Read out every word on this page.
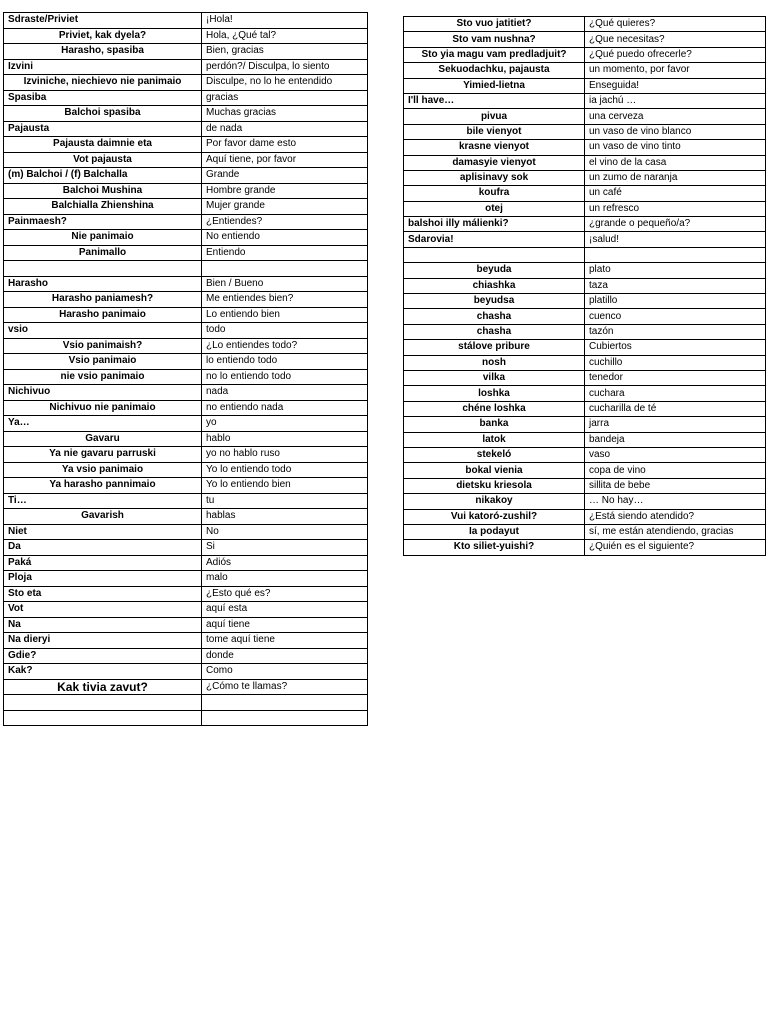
Sdraste/Priviet	¡Hola!
Priviet, kak dyela?	Hola, ¿Qué tal?
Harasho, spasiba	Bien, gracias
Izvini	perdón?/ Disculpa, lo siento
Izviniche, niechievo nie panimaio	Disculpe, no lo he entendido
Spasiba	gracias
Balchoi spasiba	Muchas gracias
Pajausta	de nada
Pajausta daimnie eta	Por favor dame esto
Vot pajausta	Aquí tiene, por favor
(m) Balchoi / (f) Balchalla	Grande
Balchoi Mushina	Hombre grande
Balchialla Zhienshina	Mujer grande
Painmaesh?	¿Entiendes?
Nie panimaio	No entiendo
Panimallo	Entiendo

Harasho	Bien / Bueno
Harasho paniamesh?	Me entiendes bien?
Harasho panimaio	Lo entiendo bien
vsio	todo
Vsio panimaish?	¿Lo entiendes todo?
Vsio panimaio	lo entiendo todo
nie vsio panimaio	no lo entiendo todo
Nichivuo	nada
Nichivuo nie panimaio	no entiendo nada
Ya…	yo
Gavaru	hablo
Ya nie gavaru parruski	yo no hablo ruso
Ya vsio panimaio	Yo lo entiendo todo
Ya harasho pannimaio	Yo lo entiendo bien
Ti…	tu
Gavarish	hablas
Niet	No
Da	Si
Paká	Adiós
Ploja	malo
Sto eta	¿Esto qué es?
Vot	aquí esta
Na	aquí tiene
Na dieryi	tome aquí tiene
Gdie?	donde
Kak?	Como
Kak tivia zavut?	¿Cómo te llamas?

Sto vuo jatitiet?	¿Qué quieres?
Sto vam nushna?	¿Que necesitas?
Sto yia magu vam predladjuit?	¿Qué puedo ofrecerle?
Sekuodachku, pajausta	un momento, por favor
Yimied-lietna	Enseguida!
I'll have…	ia jachú …
pivua	una cerveza
bile vienyot	un vaso de vino blanco
krasne vienyot	un vaso de vino tinto
damasyie vienyot	el vino de la casa
aplisinavy sok	un zumo de naranja
koufra	un café
otej	un refresco
balshoi illy málienki?	¿grande o pequeño/a?
Sdarovia!	¡salud!

beyuda	plato
chiashka	taza
beyudsa	platillo
chasha	cuenco
chasha	tazón
stálove pribure	Cubiertos
nosh	cuchillo
vilka	tenedor
loshka	cuchara
chéne loshka	cucharilla de té
banka	jarra
latok	bandeja
stekeló	vaso
bokal vienia	copa de vino
dietsku kriesola	sillita de bebe
nikakoy	… No hay…
Vui katoró-zushil?	¿Está siendo atendido?
Ia podayut	sí, me están atendiendo, gracias
Kto siliet-yuishi?	¿Quién es el siguiente?
